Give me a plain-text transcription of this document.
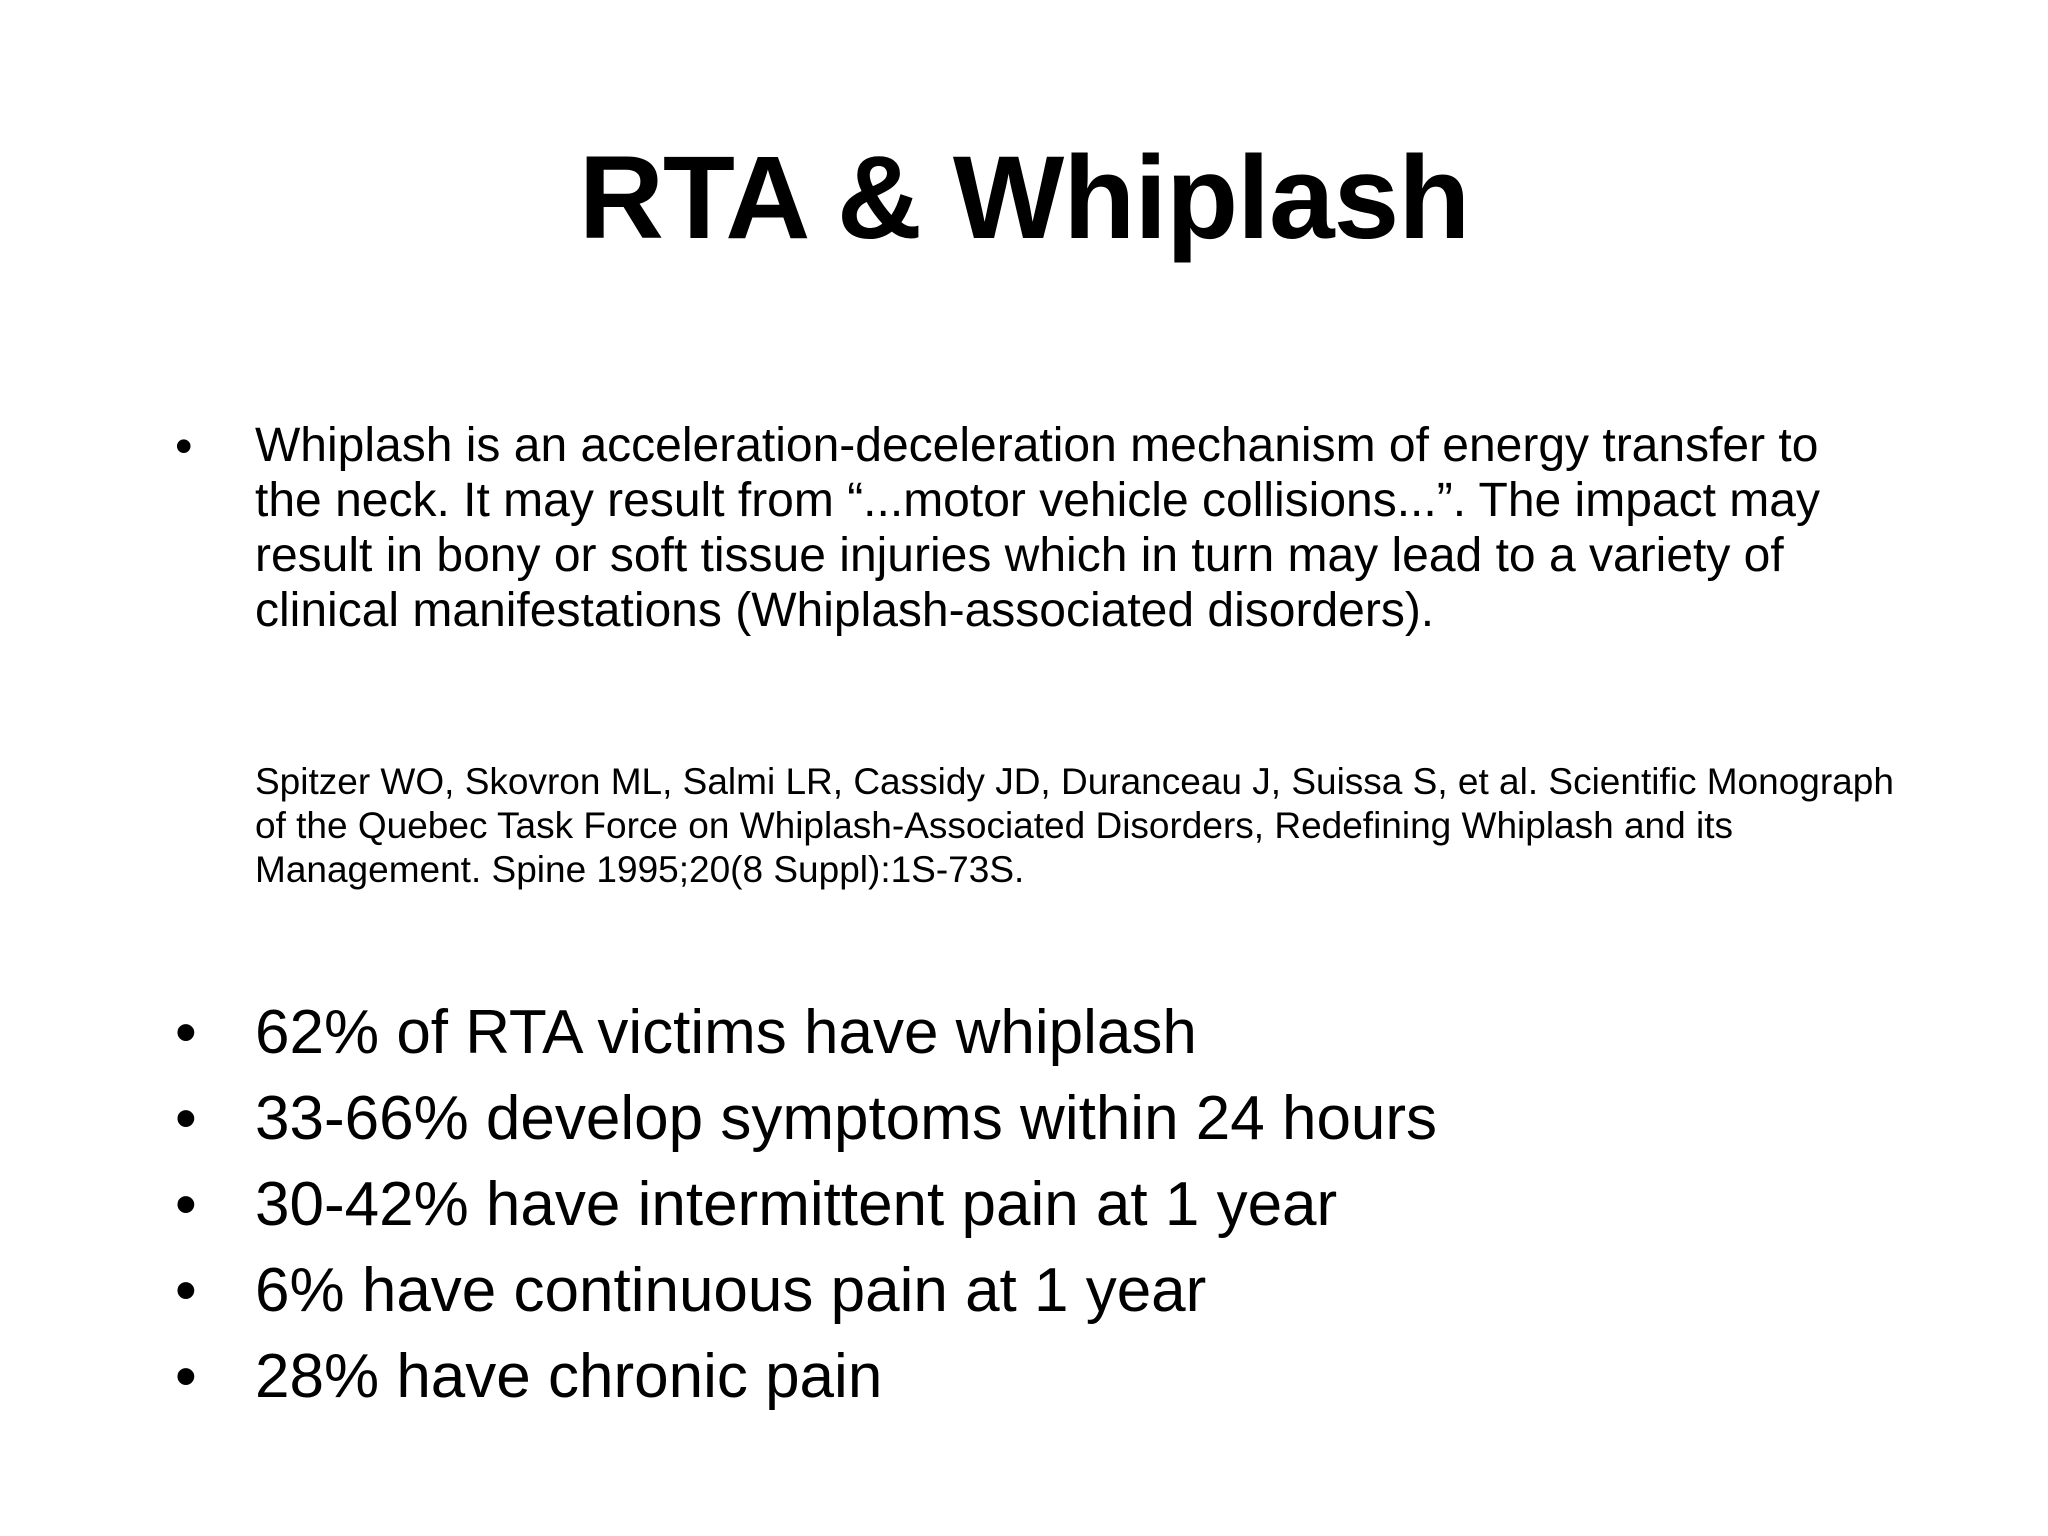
RTA & Whiplash
•	Whiplash is an acceleration-deceleration mechanism of energy transfer to the neck. It may result from “...motor vehicle collisions...”. The impact may result in bony or soft tissue injuries which in turn may lead to a variety of clinical manifestations (Whiplash-associated disorders).
Spitzer WO, Skovron ML, Salmi LR, Cassidy JD, Duranceau J, Suissa S, et al. Scientific Monograph of the Quebec Task Force on Whiplash-Associated Disorders, Redefining Whiplash and its Management. Spine 1995;20(8 Suppl):1S-73S.
• 62% of RTA victims have whiplash
• 33-66% develop symptoms within 24 hours
• 30-42% have intermittent pain at 1 year
• 6% have continuous pain at 1 year
• 28% have chronic pain
